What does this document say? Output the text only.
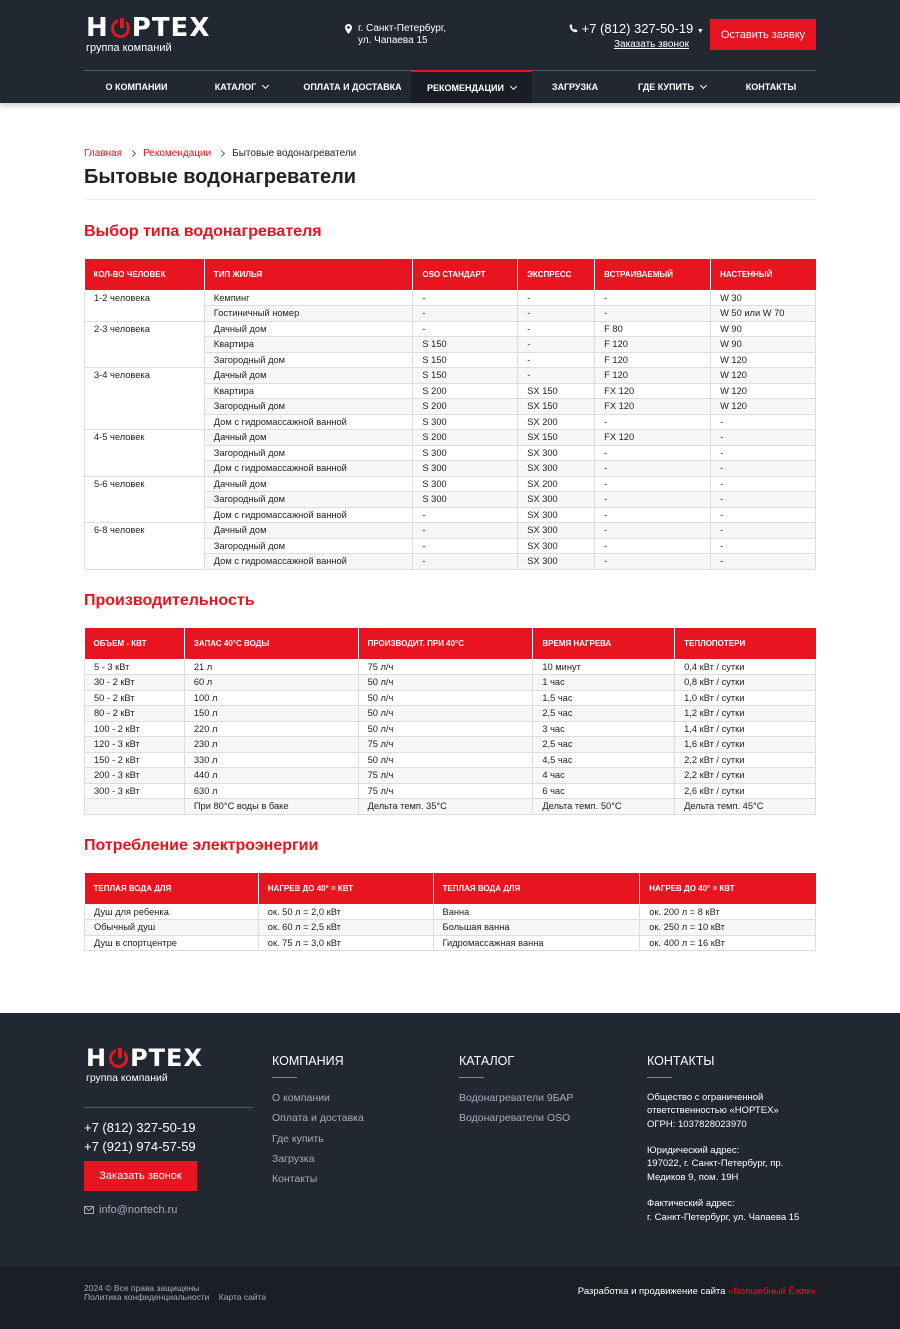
Н РТЕХ
группа компаний
г. Санкт-Петербург,
ул. Чапаева 15
+7 (812) 327-50-19 ▼
Заказать звонок
Оставить заявку
О КОМПАНИИ	КАТАЛОГ	ОПЛАТА И ДОСТАВКА	РЕКОМЕНДАЦИИ	ЗАГРУЗКА	ГДЕ КУПИТЬ	КОНТАКТЫ
Главная Рекомендации Бытовые водонагреватели
Бытовые водонагреватели
Выбор типа водонагревателя
КОЛ-ВО ЧЕЛОВЕК	ТИП ЖИЛЬЯ	OSO СТАНДАРТ	ЭКСПРЕСС	ВСТРАИВАЕМЫЙ	НАСТЕННЫЙ
1-2 человека	Кемпинг	-	-	-	W 30
	Гостиничный номер	-	-	-	W 50 или W 70
2-3 человека	Дачный дом	-	-	F 80	W 90
	Квартира	S 150	-	F 120	W 90
	Загородный дом	S 150	-	F 120	W 120
3-4 человека	Дачный дом	S 150	-	F 120	W 120
	Квартира	S 200	SX 150	FX 120	W 120
	Загородный дом	S 200	SX 150	FX 120	W 120
	Дом с гидромассажной ванной	S 300	SX 200	-	-
4-5 человек	Дачный дом	S 200	SX 150	FX 120	-
	Загородный дом	S 300	SX 300	-	-
	Дом с гидромассажной ванной	S 300	SX 300	-	-
5-6 человек	Дачный дом	S 300	SX 200	-	-
	Загородный дом	S 300	SX 300	-	-
	Дом с гидромассажной ванной	-	SX 300	-	-
6-8 человек	Дачный дом	-	SX 300	-	-
	Загородный дом	-	SX 300	-	-
	Дом с гидромассажной ванной	-	SX 300	-	-
Производительность
ОБЪЕМ - КВТ	ЗАПАС 40°С ВОДЫ	ПРОИЗВОДИТ. ПРИ 40°С	ВРЕМЯ НАГРЕВА	ТЕПЛОПОТЕРИ
5 - 3 кВт	21 л	75 л/ч	10 минут	0,4 кВт / сутки
30 - 2 кВт	60 л	50 л/ч	1 час	0,8 кВт / сутки
50 - 2 кВт	100 л	50 л/ч	1,5 час	1,0 кВт / сутки
80 - 2 кВт	150 л	50 л/ч	2,5 час	1,2 кВт / сутки
100 - 2 кВт	220 л	50 л/ч	3 час	1,4 кВт / сутки
120 - 3 кВт	230 л	75 л/ч	2,5 час	1,6 кВт / сутки
150 - 2 кВт	330 л	50 л/ч	4,5 час	2,2 кВт / сутки
200 - 3 кВт	440 л	75 л/ч	4 час	2,2 кВт / сутки
300 - 3 кВт	630 л	75 л/ч	6 час	2,6 кВт / сутки
	При 80°С воды в баке	Дельта темп. 35°С	Дельта темп. 50°С	Дельта темп. 45°С
Потребление электроэнергии
ТЕПЛАЯ ВОДА ДЛЯ	НАГРЕВ ДО 40° = КВТ	ТЕПЛАЯ ВОДА ДЛЯ	НАГРЕВ ДО 40° = КВТ
Душ для ребенка	ок. 50 л = 2,0 кВт	Ванна	ок. 200 л = 8 кВт
Обычный душ	ок. 60 л = 2,5 кВт	Большая ванна	ок. 250 л = 10 кВт
Душ в спортцентре	ок. 75 л = 3,0 кВт	Гидромассажная ванна	ок. 400 л = 16 кВт
Н РТЕХ
группа компаний
+7 (812) 327-50-19
+7 (921) 974-57-59
Заказать звонок
info@nortech.ru
КОМПАНИЯ
О компании
Оплата и доставка
Где купить
Загрузка
Контакты
КАТАЛОГ
Водонагреватели 9БАР
Водонагреватели OSO
КОНТАКТЫ

Общество с ограниченной
ответственностью «НОРТЕХ»
ОГРН: 1037828023970

Юридический адрес:
197022, г. Санкт-Петербург, пр.
Медиков 9, пом. 19Н

Фактический адрес:
г. Санкт-Петербург, ул. Чапаева 15

2024 © Все права защищены
Политика конфиденциальности Карта сайта	Разработка и продвижение сайта «Волшебный Ёжик»
